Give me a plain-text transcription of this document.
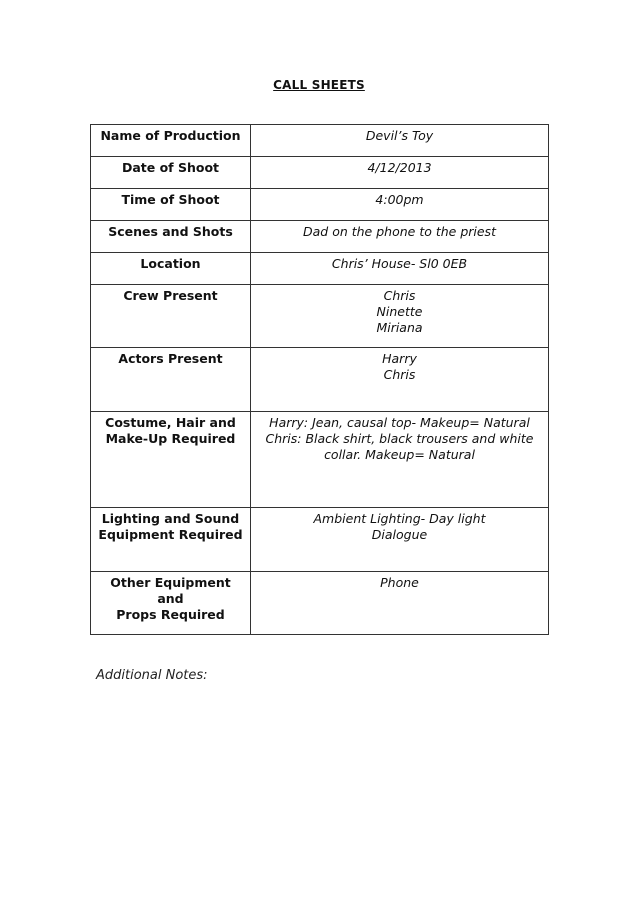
CALL SHEETS
Name of Production	Devil’s Toy
Date of Shoot	4/12/2013
Time of Shoot	4:00pm
Scenes and Shots	Dad on the phone to the priest
Location	Chris’ House- Sl0 0EB
Crew Present	Chris
Ninette
Miriana

Actors Present	Harry
Chris

Costume, Hair and
Make-Up Required	Harry: Jean, causal top- Makeup= Natural
Chris: Black shirt, black trousers and white
collar. Makeup= Natural

Lighting and Sound
Equipment Required	Ambient Lighting- Day light
Dialogue

Other Equipment and
Props Required	Phone
Additional Notes:
